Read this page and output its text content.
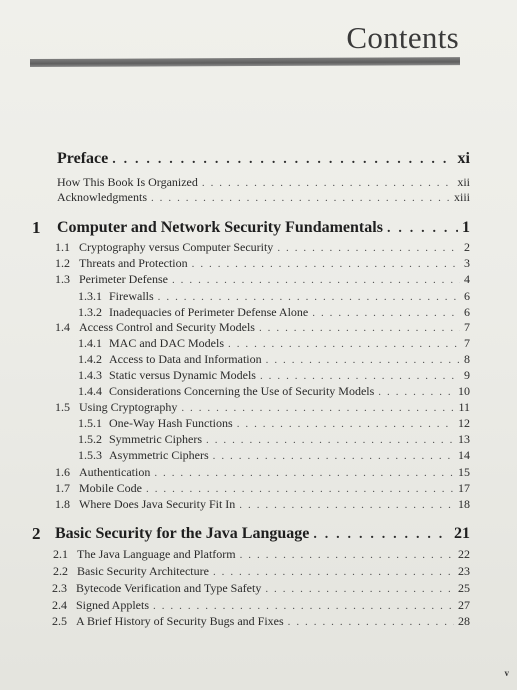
Contents
Preface . . .	xi
How This Book Is Organized . . .	xii
Acknowledgments . . .	xiii
1 Computer and Network Security Fundamentals . . .	1
1.1 Cryptography versus Computer Security . . .	2
1.2 Threats and Protection . . .	3
1.3 Perimeter Defense . . .	4
1.3.1 Firewalls . . .	6
1.3.2 Inadequacies of Perimeter Defense Alone . . .	6
1.4 Access Control and Security Models . . .	7
1.4.1 MAC and DAC Models . . .	7
1.4.2 Access to Data and Information . . .	8
1.4.3 Static versus Dynamic Models . . .	9
1.4.4 Considerations Concerning the Use of Security Models . . .	10
1.5 Using Cryptography . . .	11
1.5.1 One-Way Hash Functions . . .	12
1.5.2 Symmetric Ciphers . . .	13
1.5.3 Asymmetric Ciphers . . .	14
1.6 Authentication . . .	15
1.7 Mobile Code . . .	17
1.8 Where Does Java Security Fit In . . .	18
2 Basic Security for the Java Language . . .	21
2.1 The Java Language and Platform . . .	22
2.2 Basic Security Architecture . . .	23
2.3 Bytecode Verification and Type Safety . . .	25
2.4 Signed Applets . . .	27
2.5 A Brief History of Security Bugs and Fixes . . .	28
v
